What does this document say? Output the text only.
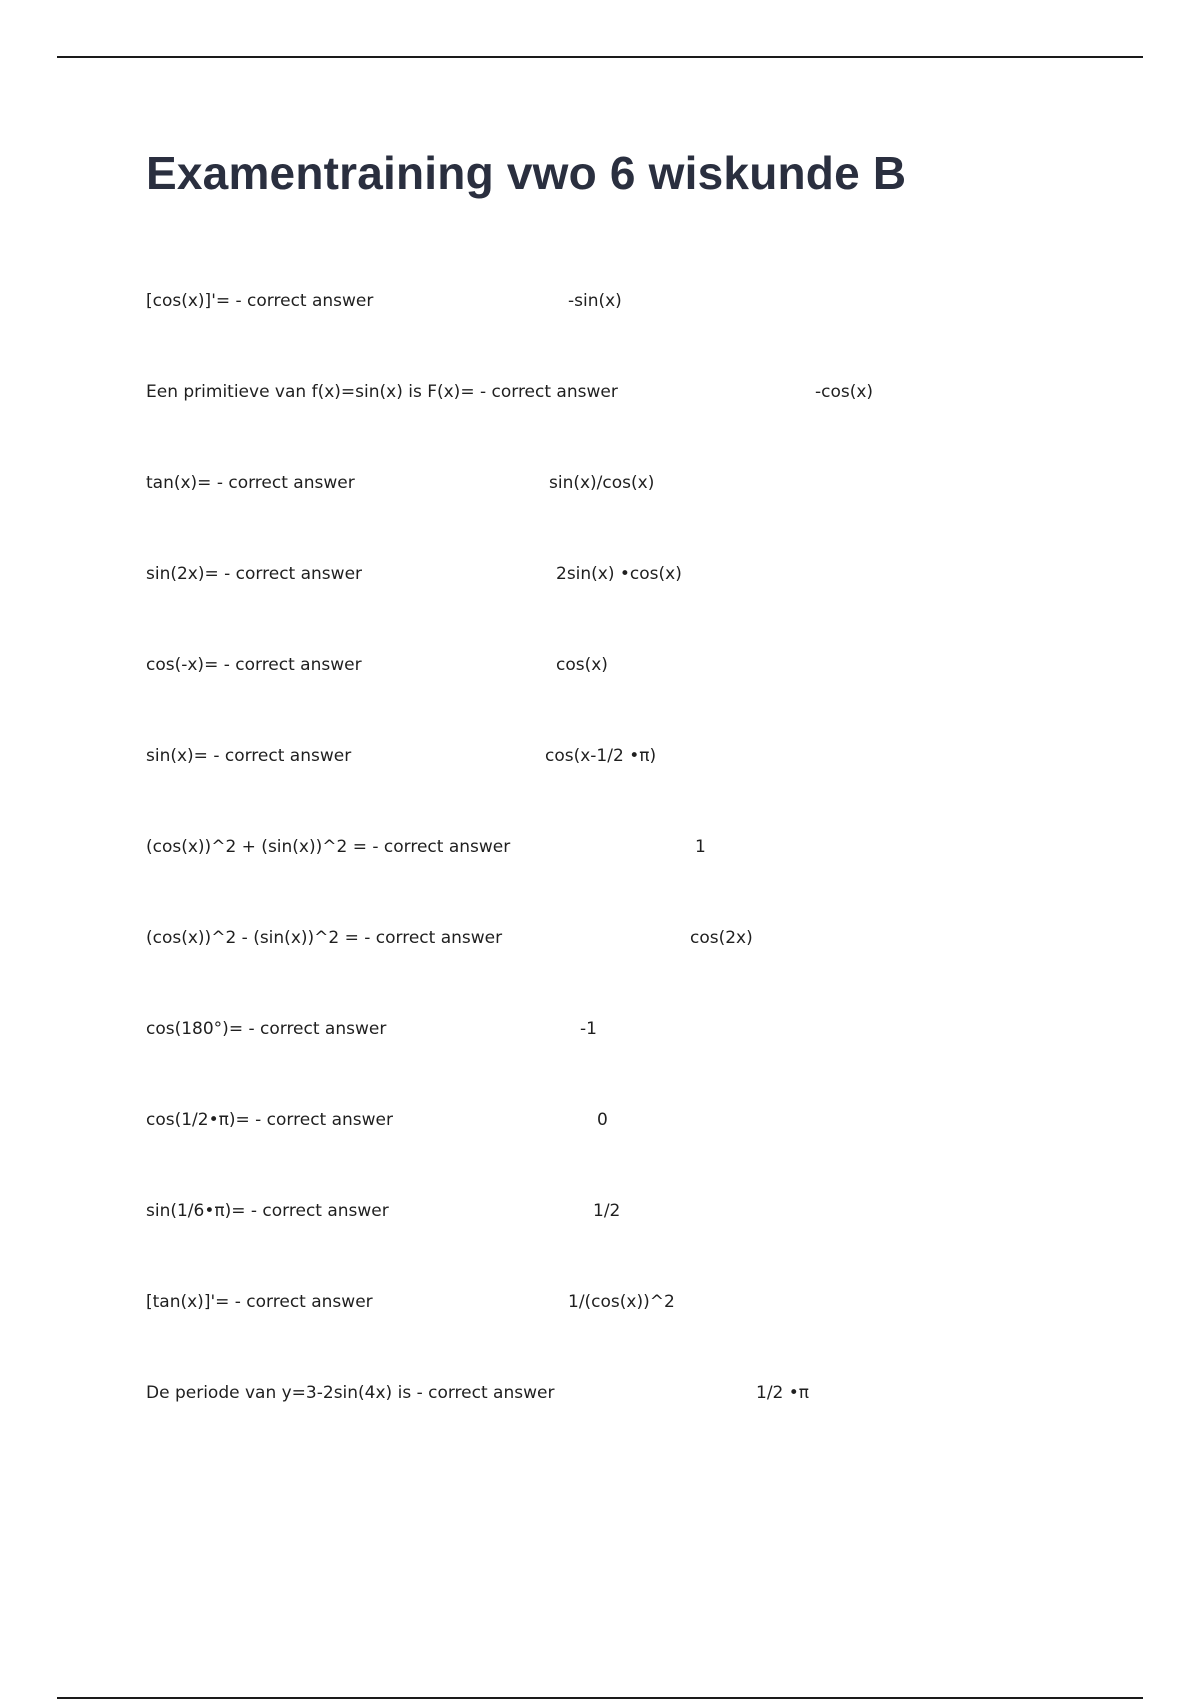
Examentraining vwo 6 wiskunde B
[cos(x)]'= - correct answer	-sin(x)
Een primitieve van f(x)=sin(x) is F(x)= - correct answer	-cos(x)
tan(x)= - correct answer	sin(x)/cos(x)
sin(2x)= - correct answer	2sin(x) •cos(x)
cos(-x)= - correct answer	cos(x)
sin(x)= - correct answer	cos(x-1/2 •π)
(cos(x))^2 + (sin(x))^2 = - correct answer	1
(cos(x))^2 - (sin(x))^2 = - correct answer	cos(2x)
cos(180°)= - correct answer	-1
cos(1/2•π)= - correct answer	0
sin(1/6•π)= - correct answer	1/2
[tan(x)]'= - correct answer	1/(cos(x))^2
De periode van y=3-2sin(4x) is - correct answer	1/2 •π
